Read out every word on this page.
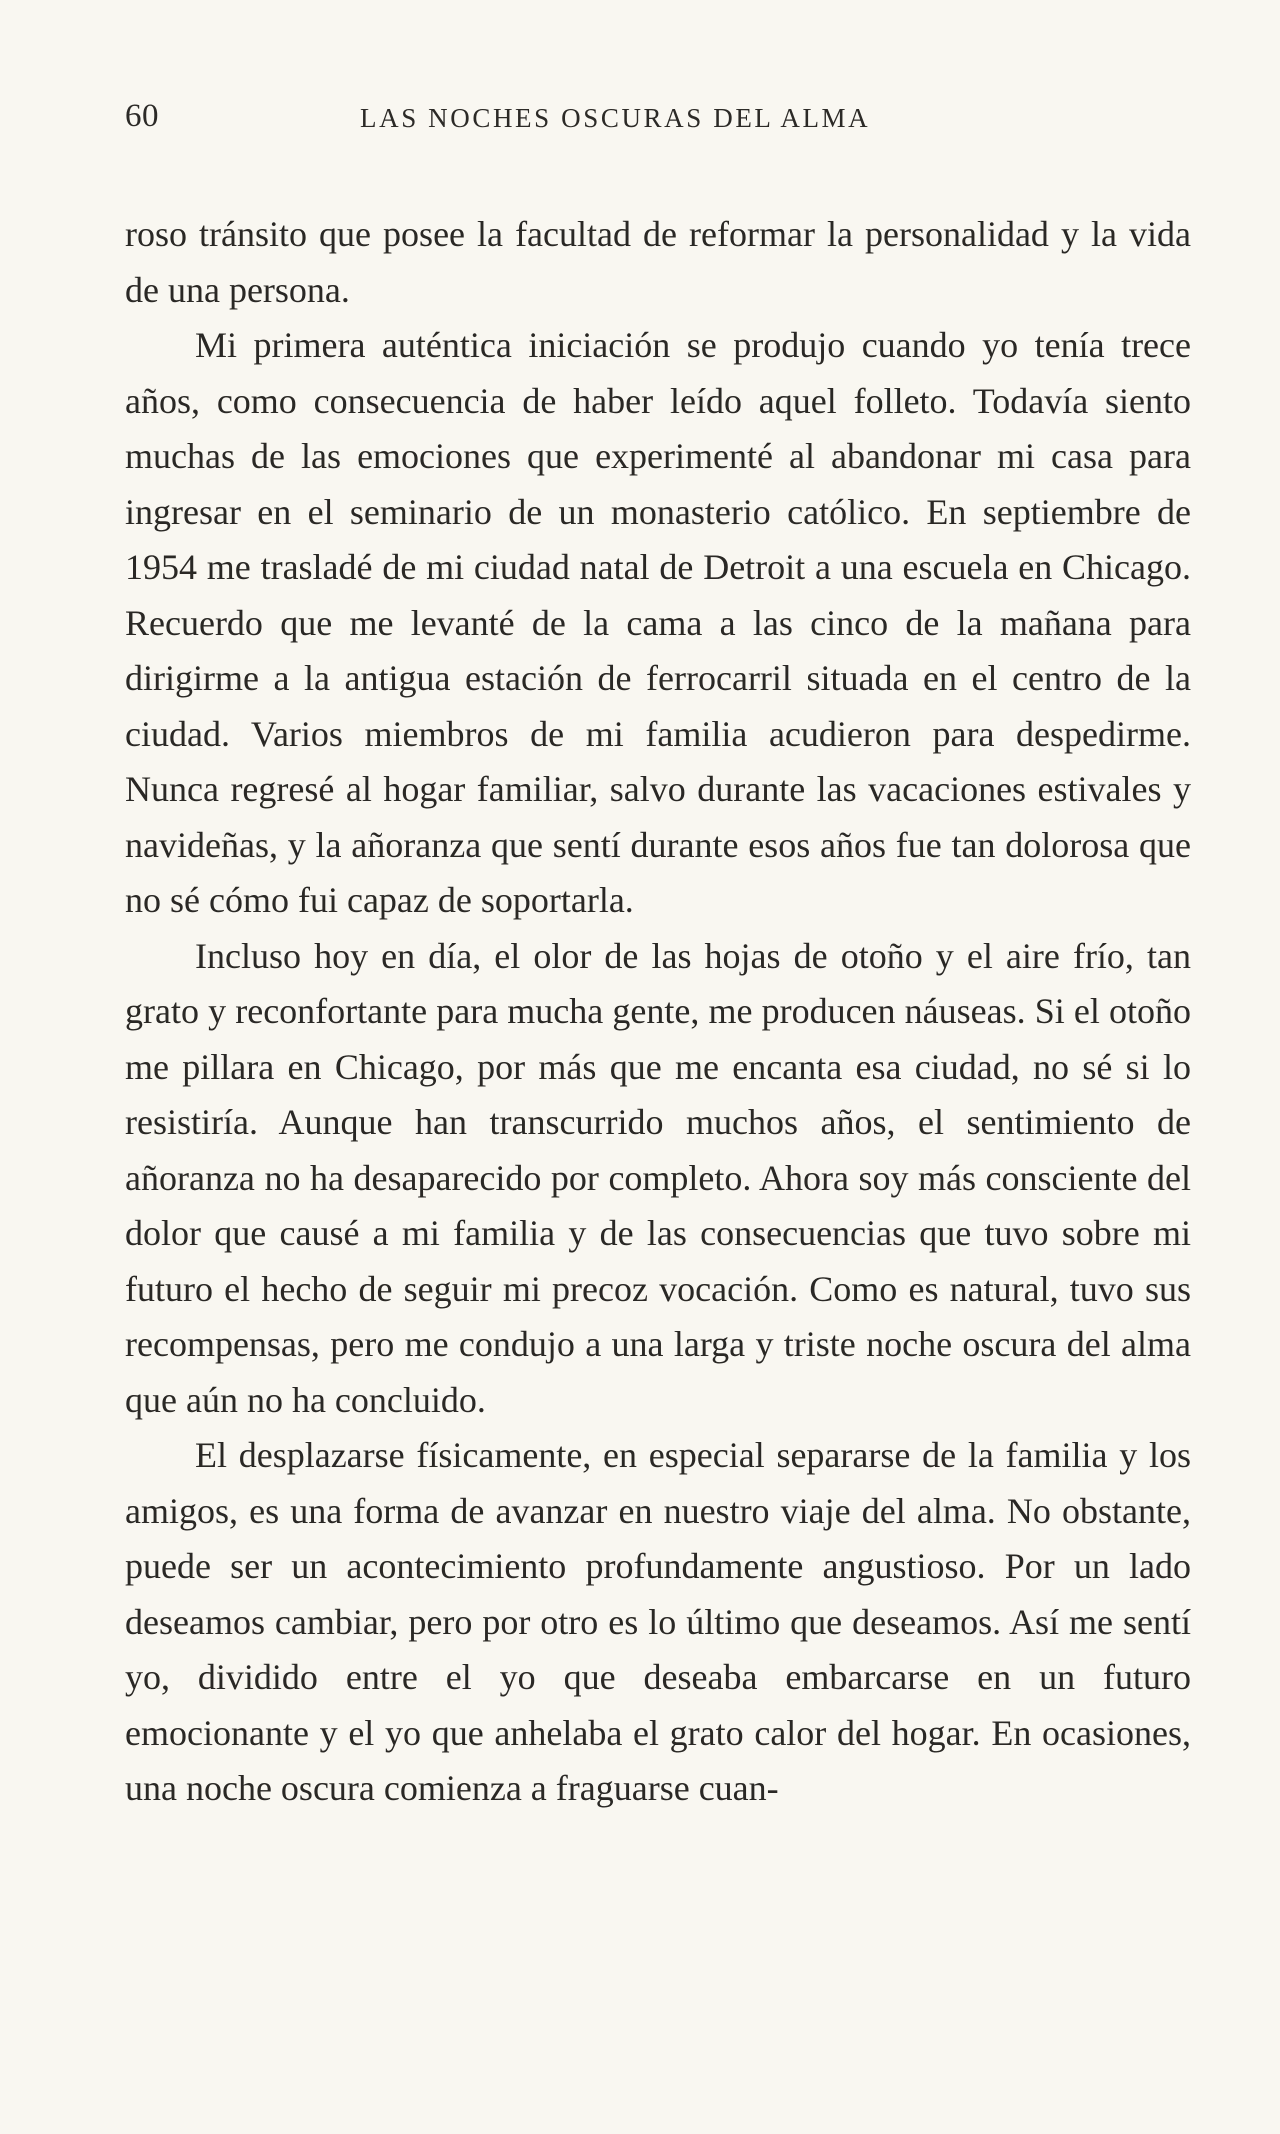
60	LAS NOCHES OSCURAS DEL ALMA

roso tránsito que posee la facultad de reformar la personalidad y la vida de una persona.

Mi primera auténtica iniciación se produjo cuando yo tenía trece años, como consecuencia de haber leído aquel folleto. Todavía siento muchas de las emociones que experimenté al abandonar mi casa para ingresar en el seminario de un monasterio católico. En septiembre de 1954 me trasladé de mi ciudad natal de Detroit a una escuela en Chicago. Recuerdo que me levanté de la cama a las cinco de la mañana para dirigirme a la antigua estación de ferrocarril situada en el centro de la ciudad. Varios miembros de mi familia acudieron para despedirme. Nunca regresé al hogar familiar, salvo durante las vacaciones estivales y navideñas, y la añoranza que sentí durante esos años fue tan dolorosa que no sé cómo fui capaz de soportarla.

Incluso hoy en día, el olor de las hojas de otoño y el aire frío, tan grato y reconfortante para mucha gente, me producen náuseas. Si el otoño me pillara en Chicago, por más que me encanta esa ciudad, no sé si lo resistiría. Aunque han transcurrido muchos años, el sentimiento de añoranza no ha desaparecido por completo. Ahora soy más consciente del dolor que causé a mi familia y de las consecuencias que tuvo sobre mi futuro el hecho de seguir mi precoz vocación. Como es natural, tuvo sus recompensas, pero me condujo a una larga y triste noche oscura del alma que aún no ha concluido.

El desplazarse físicamente, en especial separarse de la familia y los amigos, es una forma de avanzar en nuestro viaje del alma. No obstante, puede ser un acontecimiento profundamente angustioso. Por un lado deseamos cambiar, pero por otro es lo último que deseamos. Así me sentí yo, dividido entre el yo que deseaba embarcarse en un futuro emocionante y el yo que anhelaba el grato calor del hogar. En ocasiones, una noche oscura comienza a fraguarse cuan-
